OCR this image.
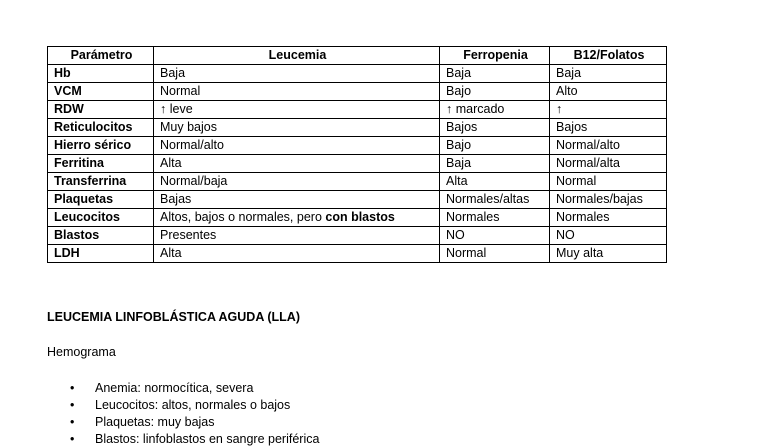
Parámetro	Leucemia	Ferropenia	B12/Folatos
Hb	Baja	Baja	Baja
VCM	Normal	Bajo	Alto
RDW	↑ leve	↑ marcado	↑
Reticulocitos	Muy bajos	Bajos	Bajos
Hierro sérico	Normal/alto	Bajo	Normal/alto
Ferritina	Alta	Baja	Normal/alta
Transferrina	Normal/baja	Alta	Normal
Plaquetas	Bajas	Normales/altas	Normales/bajas
Leucocitos	Altos, bajos o normales, pero con blastos	Normales	Normales
Blastos	Presentes	NO	NO
LDH	Alta	Normal	Muy alta
LEUCEMIA LINFOBLÁSTICA AGUDA (LLA)
Hemograma
• Anemia: normocítica, severa
• Leucocitos: altos, normales o bajos
• Plaquetas: muy bajas
• Blastos: linfoblastos en sangre periférica
